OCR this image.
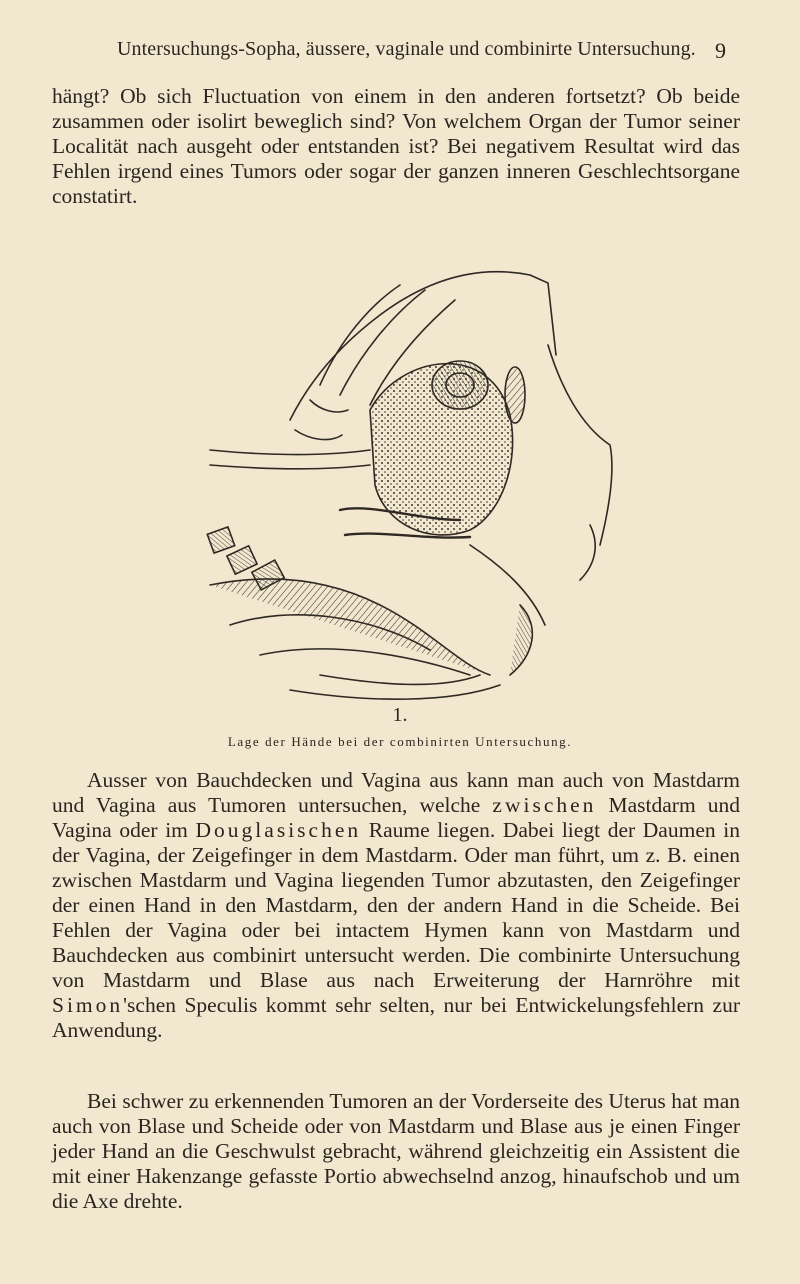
Untersuchungs-Sopha, äussere, vaginale und combinirte Untersuchung. 9

hängt? Ob sich Fluctuation von einem in den anderen fortsetzt? Ob beide zusammen oder isolirt beweglich sind? Von welchem Organ der Tumor seiner Localität nach ausgeht oder entstanden ist? Bei negativem Resultat wird das Fehlen irgend eines Tumors oder sogar der ganzen inneren Geschlechtsorgane constatirt.

1.
Lage der Hände bei der combinirten Untersuchung.

Ausser von Bauchdecken und Vagina aus kann man auch von Mastdarm und Vagina aus Tumoren untersuchen, welche zwischen Mastdarm und Vagina oder im Douglasischen Raume liegen. Dabei liegt der Daumen in der Vagina, der Zeigefinger in dem Mastdarm. Oder man führt, um z. B. einen zwischen Mastdarm und Vagina liegenden Tumor abzutasten, den Zeigefinger der einen Hand in den Mastdarm, den der andern Hand in die Scheide. Bei Fehlen der Vagina oder bei intactem Hymen kann von Mastdarm und Bauchdecken aus combinirt untersucht werden. Die combinirte Untersuchung von Mastdarm und Blase aus nach Erweiterung der Harnröhre mit Simon'schen Speculis kommt sehr selten, nur bei Entwickelungsfehlern zur Anwendung.

Bei schwer zu erkennenden Tumoren an der Vorderseite des Uterus hat man auch von Blase und Scheide oder von Mastdarm und Blase aus je einen Finger jeder Hand an die Geschwulst gebracht, während gleichzeitig ein Assistent die mit einer Hakenzange gefasste Portio abwechselnd anzog, hinaufschob und um die Axe drehte.
